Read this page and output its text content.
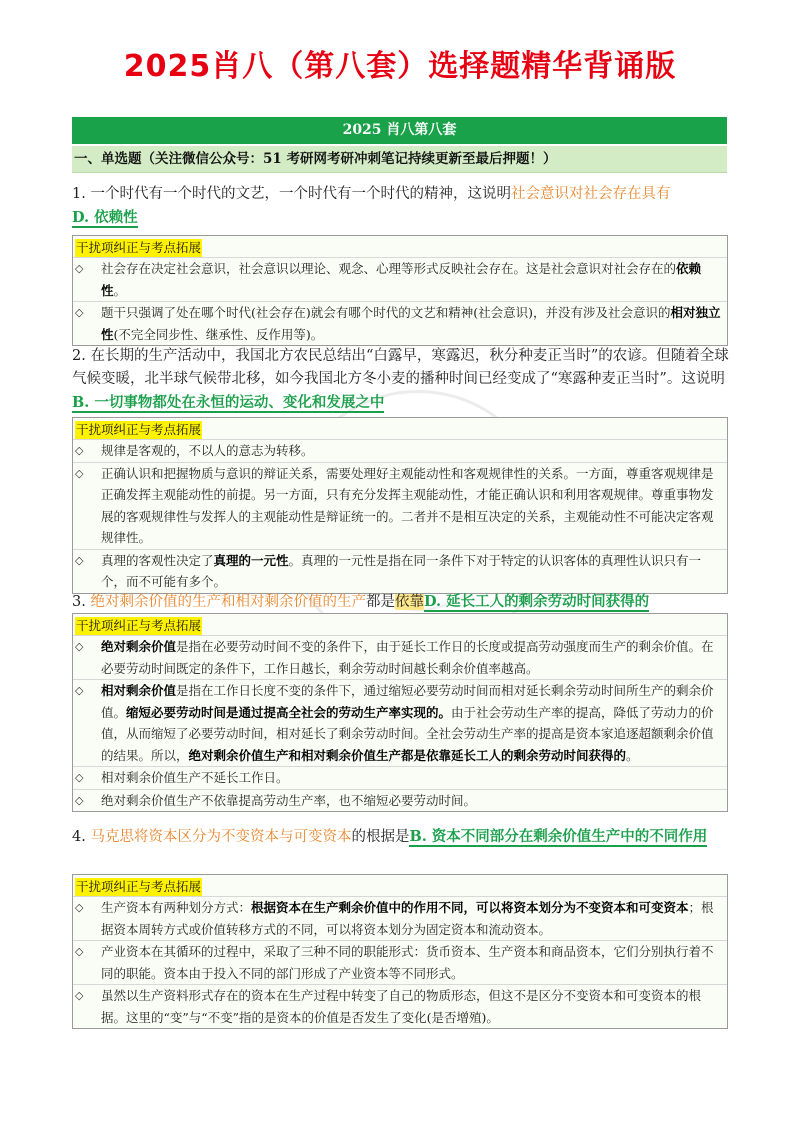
2025肖八（第八套）选择题精华背诵版
2025 肖八第八套
一、单选题（关注微信公众号：51 考研网考研冲刺笔记持续更新至最后押题！）

1. 一个时代有一个时代的文艺，一个时代有一个时代的精神，这说明社会意识对社会存在具有
D. 依赖性

干扰项纠正与考点拓展
◇	社会存在决定社会意识，社会意识以理论、观念、心理等形式反映社会存在。这是社会意识对社会存在的依赖性。
◇	题干只强调了处在哪个时代(社会存在)就会有哪个时代的文艺和精神(社会意识)，并没有涉及社会意识的相对独立性(不完全同步性、继承性、反作用等)。

2. 在长期的生产活动中，我国北方农民总结出“白露早，寒露迟，秋分种麦正当时”的农谚。但随着全球气候变暖，北半球气候带北移，如今我国北方冬小麦的播种时间已经变成了“寒露种麦正当时”。这说明B. 一切事物都处在永恒的运动、变化和发展之中

干扰项纠正与考点拓展
◇	规律是客观的，不以人的意志为转移。
◇	正确认识和把握物质与意识的辩证关系，需要处理好主观能动性和客观规律性的关系。一方面，尊重客观规律是正确发挥主观能动性的前提。另一方面，只有充分发挥主观能动性，才能正确认识和利用客观规律。尊重事物发展的客观规律性与发挥人的主观能动性是辩证统一的。二者并不是相互决定的关系，主观能动性不可能决定客观规律性。
◇	真理的客观性决定了真理的一元性。真理的一元性是指在同一条件下对于特定的认识客体的真理性认识只有一个，而不可能有多个。

3. 绝对剩余价值的生产和相对剩余价值的生产都是依靠D. 延长工人的剩余劳动时间获得的

干扰项纠正与考点拓展
◇	绝对剩余价值是指在必要劳动时间不变的条件下，由于延长工作日的长度或提高劳动强度而生产的剩余价值。在必要劳动时间既定的条件下，工作日越长，剩余劳动时间越长剩余价值率越高。
◇	相对剩余价值是指在工作日长度不变的条件下，通过缩短必要劳动时间而相对延长剩余劳动时间所生产的剩余价值。缩短必要劳动时间是通过提高全社会的劳动生产率实现的。由于社会劳动生产率的提高，降低了劳动力的价值，从而缩短了必要劳动时间，相对延长了剩余劳动时间。全社会劳动生产率的提高是资本家追逐超额剩余价值的结果。所以，绝对剩余价值生产和相对剩余价值生产都是依靠延长工人的剩余劳动时间获得的。
◇	相对剩余价值生产不延长工作日。
◇	绝对剩余价值生产不依靠提高劳动生产率，也不缩短必要劳动时间。

4. 马克思将资本区分为不变资本与可变资本的根据是B. 资本不同部分在剩余价值生产中的不同作用

干扰项纠正与考点拓展
◇	生产资本有两种划分方式：根据资本在生产剩余价值中的作用不同，可以将资本划分为不变资本和可变资本；根据资本周转方式或价值转移方式的不同，可以将资本划分为固定资本和流动资本。
◇	产业资本在其循环的过程中，采取了三种不同的职能形式：货币资本、生产资本和商品资本，它们分别执行着不同的职能。资本由于投入不同的部门形成了产业资本等不同形式。
◇	虽然以生产资料形式存在的资本在生产过程中转变了自己的物质形态，但这不是区分不变资本和可变资本的根据。这里的“变”与“不变”指的是资本的价值是否发生了变化(是否增殖)。
